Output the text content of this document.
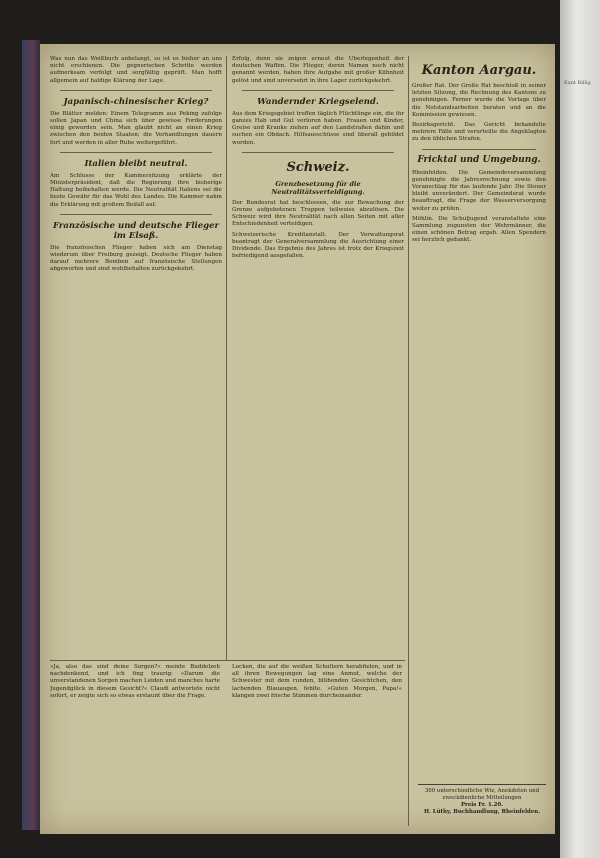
Was nun das Weißbuch anbelangt, so ist es bisher an uns nicht erschienen. Die gegnerischen Schritte werden aufmerksam verfolgt und sorgfältig geprüft. Man hofft allgemein auf baldige Klärung der Lage.

Japanisch-chinesischer Krieg?

Die Blätter melden: Einem Telegramm aus Peking zufolge sollen Japan und China sich über gewisse Forderungen einig geworden sein. Man glaubt nicht an einen Krieg zwischen den beiden Staaten; die Verhandlungen dauern fort und werden in aller Ruhe weitergeführt.

Italien bleibt neutral.

Am Schlusse der Kammersitzung erklärte der Ministerpräsident, daß die Regierung ihre bisherige Haltung beibehalten werde. Die Neutralität Italiens sei die beste Gewähr für das Wohl des Landes. Die Kammer nahm die Erklärung mit großem Beifall auf.

Französische und deutsche Flieger im Elsaß.

Die französischen Flieger haben sich am Dienstag wiederum über Freiburg gezeigt. Deutsche Flieger haben darauf mehrere Bomben auf französische Stellungen abgeworfen und sind wohlbehalten zurückgekehrt.

Erfolg, denn sie zeigen erneut die Überlegenheit der deutschen Waffen. Die Flieger, deren Namen noch nicht genannt werden, haben ihre Aufgabe mit großer Kühnheit gelöst und sind unversehrt in ihre Lager zurückgekehrt.

Wandernder Kriegselend.

Aus dem Kriegsgebiet treffen täglich Flüchtlinge ein, die ihr ganzes Hab und Gut verloren haben. Frauen und Kinder, Greise und Kranke ziehen auf den Landstraßen dahin und suchen ein Obdach. Hilfsausschüsse sind überall gebildet worden.

Schweiz.
Grenzbesetzung für die Neutralitätsverteidigung.

Der Bundesrat hat beschlossen, die zur Bewachung der Grenze aufgebotenen Truppen teilweise abzulösen. Die Schweiz wird ihre Neutralität nach allen Seiten mit aller Entschiedenheit verteidigen.

Schweizerische Kreditanstalt. Der Verwaltungsrat beantragt der Generalversammlung die Ausrichtung einer Dividende. Das Ergebnis des Jahres ist trotz der Kriegszeit befriedigend ausgefallen.

Kanton Aargau.

Großer Rat. Der Große Rat beschloß in seiner letzten Sitzung, die Rechnung des Kantons zu genehmigen. Ferner wurde die Vorlage über die Notstandsarbeiten beraten und an die Kommission gewiesen.

Bezirksgericht. Das Gericht behandelte mehrere Fälle und verurteilte die Angeklagten zu den üblichen Strafen.

Fricktal und Umgebung.

Rheinfelden. Die Gemeindeversammlung genehmigte die Jahresrechnung sowie den Voranschlag für das laufende Jahr. Die Steuer bleibt unverändert. Der Gemeinderat wurde beauftragt, die Frage der Wasserversorgung weiter zu prüfen.

Möhlin. Die Schuljugend veranstaltete eine Sammlung zugunsten der Wehrmänner, die einen schönen Betrag ergab. Allen Spendern sei herzlich gedankt.

»Ja, also das sind deine Sorgen?« meinte Buddelzeh nachdenkend, und ich fing traurig: »Darum die unverstandenen Sorgen machen Leiden und manches harte Jugendglück in diesem Gesicht?« Claudi antwortete nicht sofort, er zeigte sich so etwas erstaunt über die Frage.

Locken, die auf die weißen Schultern herabfielen, und in all ihren Bewegungen lag eine Anmut, welche der Schwester mit dem runden, blühenden Gesichtchen, den lachenden Blauaugen, fehlte. »Guten Morgen, Papa!« klangen zwei frische Stimmen durcheinander.

300 unterschiedliche Wiz, Anekdoten und zweckdienliche Mitteilungen
Preis Fr. 1.20.
H. Lüthy, Buchhandlung, Rheinfelden.
Kant Billig
